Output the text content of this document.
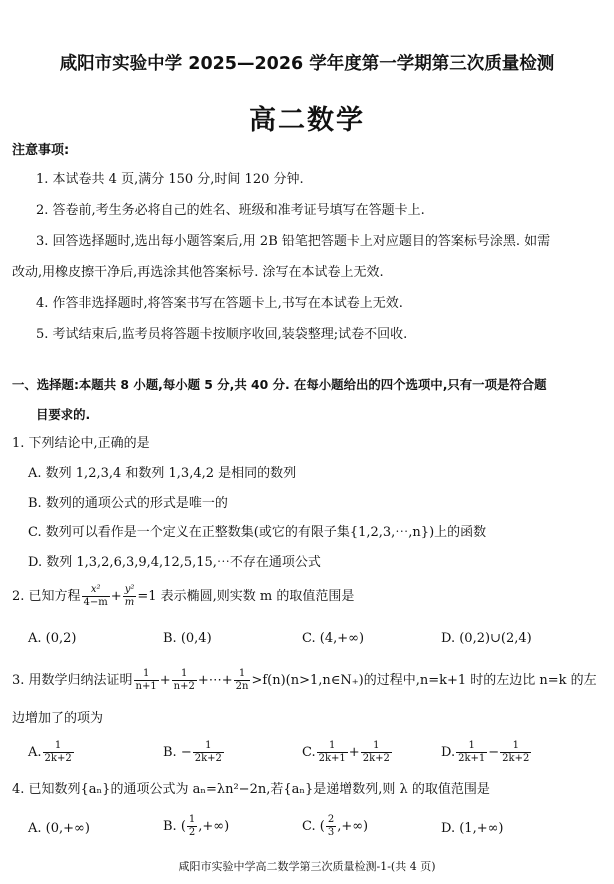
咸阳市实验中学 2025—2026 学年度第一学期第三次质量检测
高二数学
注意事项:
1. 本试卷共 4 页,满分 150 分,时间 120 分钟.
2. 答卷前,考生务必将自己的姓名、班级和准考证号填写在答题卡上.
3. 回答选择题时,选出每小题答案后,用 2B 铅笔把答题卡上对应题目的答案标号涂黑. 如需
改动,用橡皮擦干净后,再选涂其他答案标号. 涂写在本试卷上无效.
4. 作答非选择题时,将答案书写在答题卡上,书写在本试卷上无效.
5. 考试结束后,监考员将答题卡按顺序收回,装袋整理;试卷不回收.
一、选择题:本题共 8 小题,每小题 5 分,共 40 分. 在每小题给出的四个选项中,只有一项是符合题
目要求的.
1. 下列结论中,正确的是
A. 数列 1,2,3,4 和数列 1,3,4,2 是相同的数列
B. 数列的通项公式的形式是唯一的
C. 数列可以看作是一个定义在正整数集(或它的有限子集{1,2,3,⋯,n})上的函数
D. 数列 1,3,2,6,3,9,4,12,5,15,⋯不存在通项公式
2. 已知方程 $\frac{\text{x²}}{4-m} + \frac{\text{y²}}{m} =1$ 表示椭圆,则实数 m 的取值范围是
A. (0,2)	B. (0,4)	C. (4,+∞)	D. (0,2)∪(2,4)
3. 用数学归纳法证明 $\frac{1}{n+1} + \frac{1}{n+2}$ +⋯+ $\frac{1}{2n}$ >f(n)(n>1,n∈N₊)的过程中,n=k+1 时的左边比 n=k 的左
边增加了的项为
A. $\frac{1}{2k+2}$	B. − $\frac{1}{2k+2}$	C. $\frac{1}{2k+1} + \frac{1}{2k+2}$	D. $\frac{1}{2k+1} - \frac{1}{2k+2}$
4. 已知数列{aₙ}的通项公式为 aₙ=λn²−2n,若{aₙ}是递增数列,则 λ 的取值范围是
A. (0,+∞)	B. ( $\frac{1}{2}$ ,+∞)	C. ( $\frac{2}{3}$ ,+∞)	D. (1,+∞)
咸阳市实验中学高二数学第三次质量检测-1-(共 4 页)
